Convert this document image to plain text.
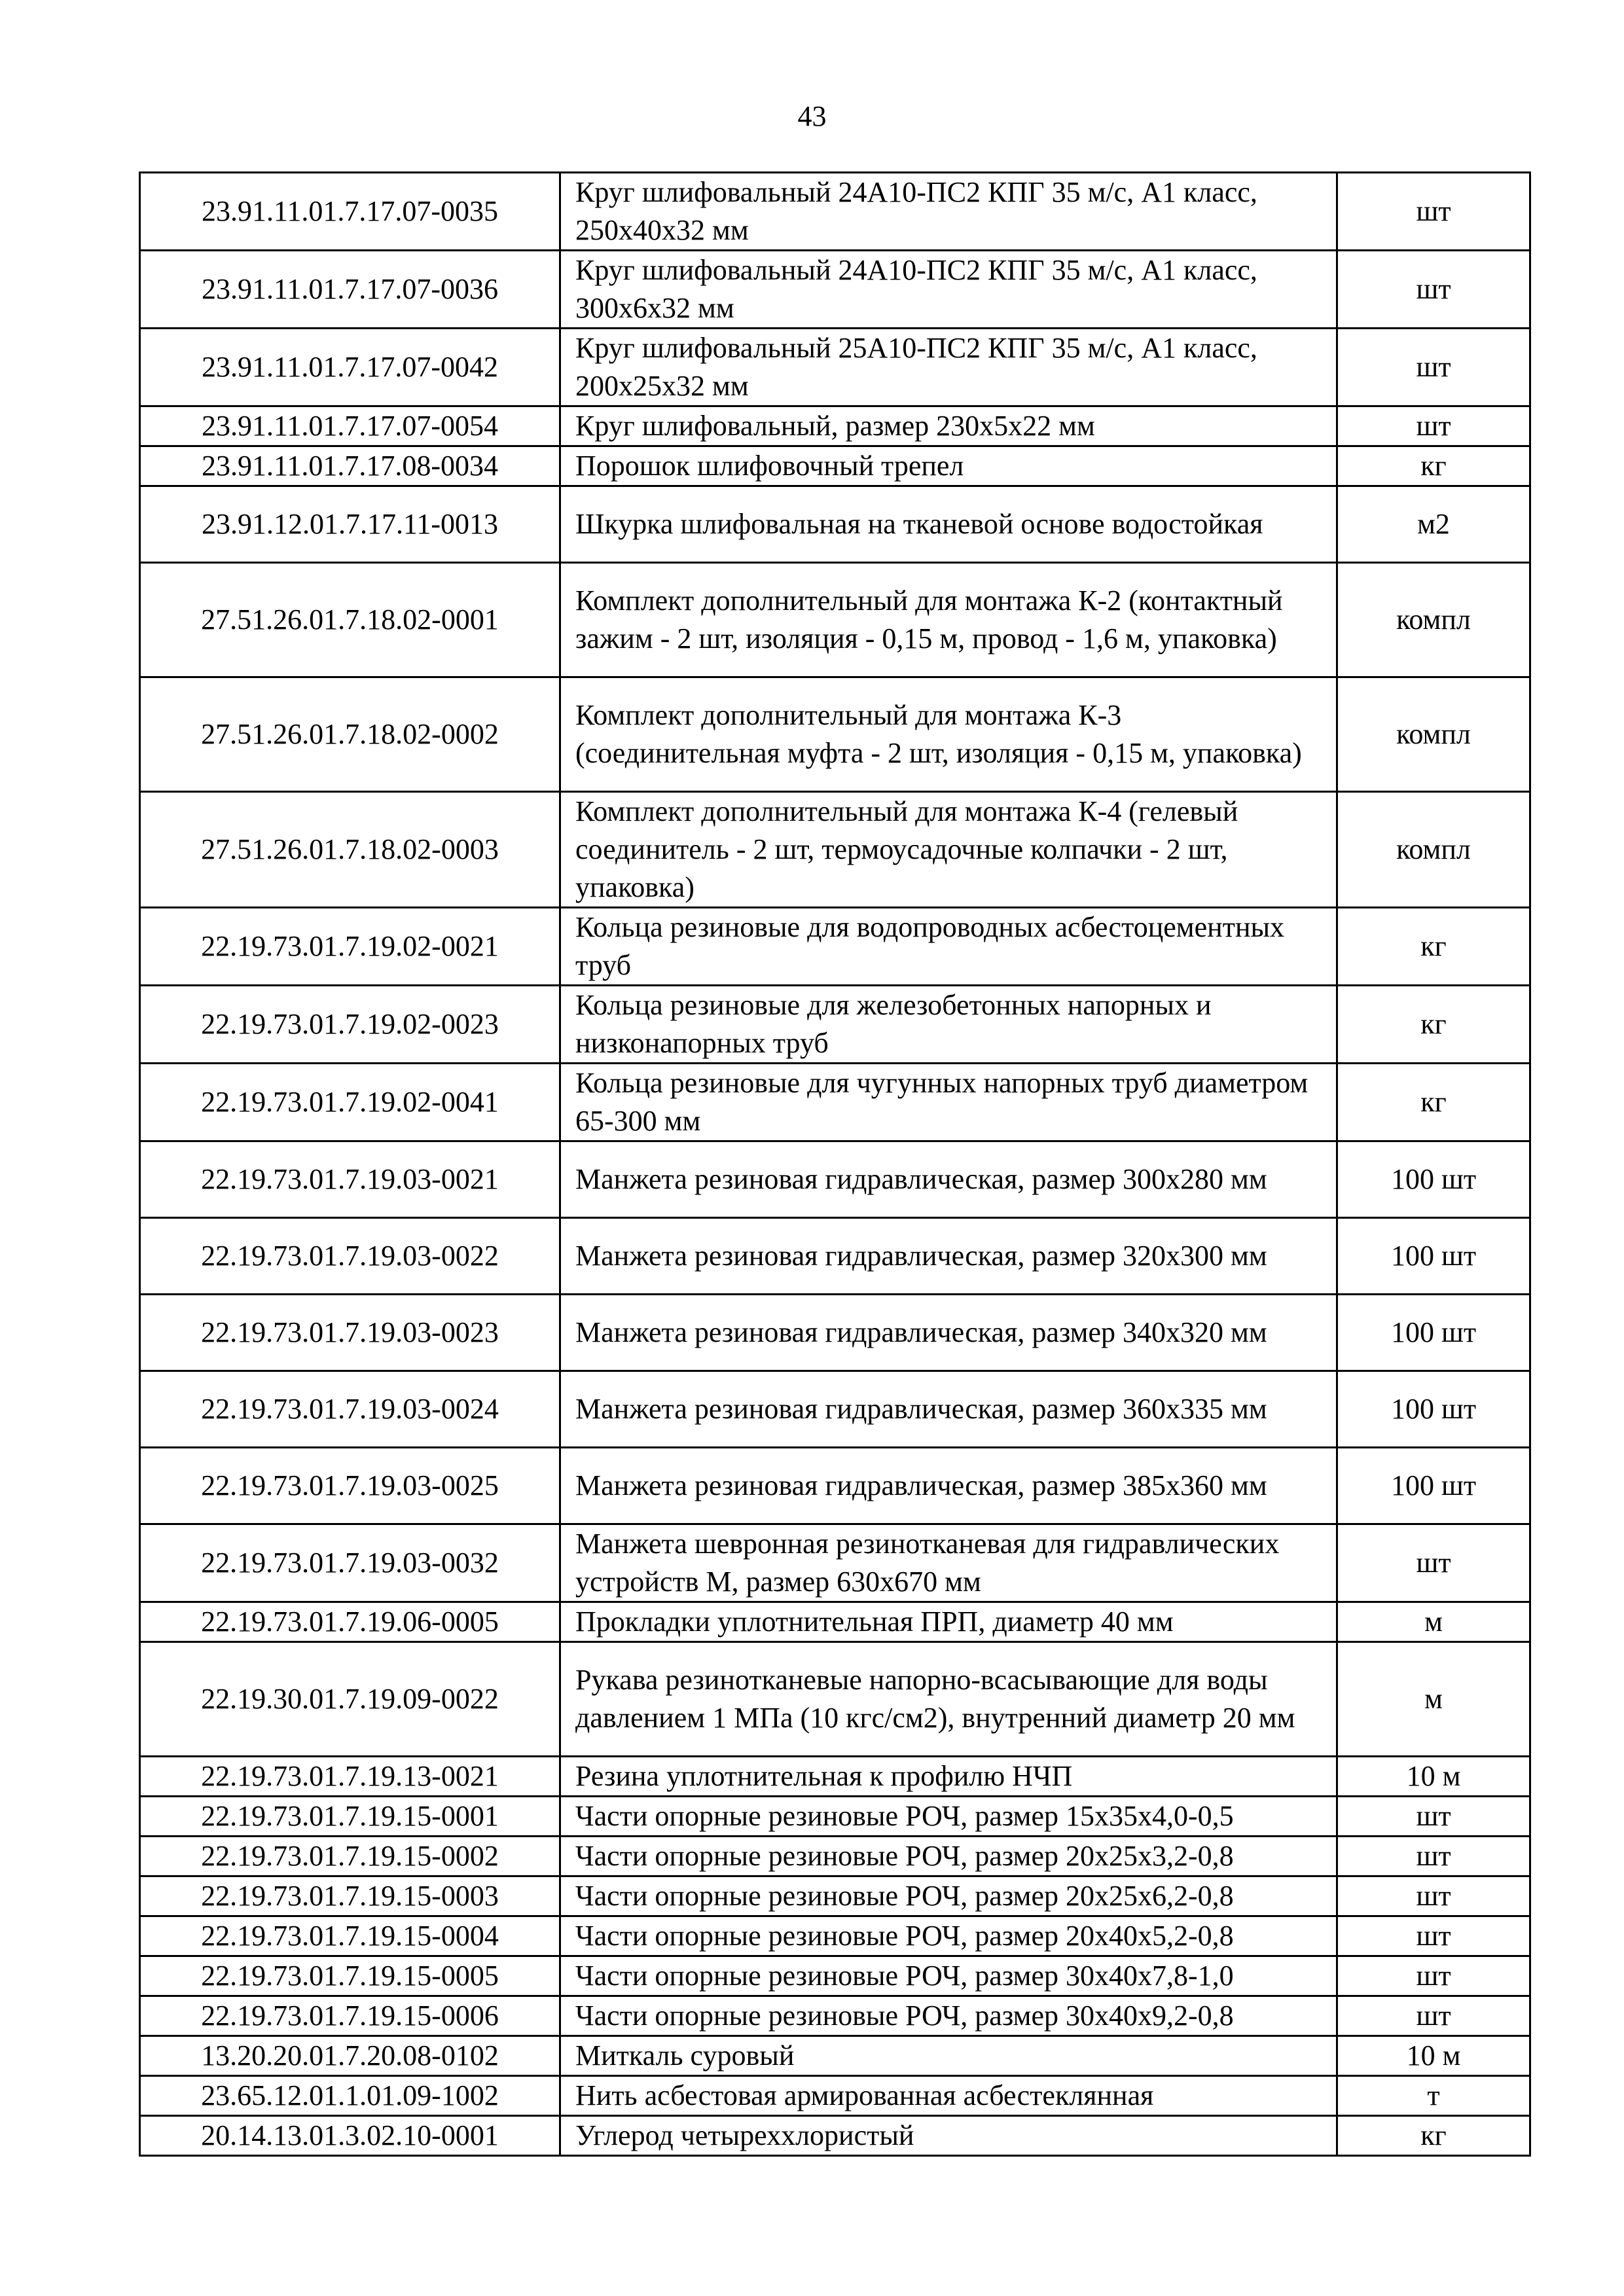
43
23.91.11.01.7.17.07-0035	Круг шлифовальный 24А10-ПС2 КПГ 35 м/с, А1 класс, 250х40х32 мм	шт
23.91.11.01.7.17.07-0036	Круг шлифовальный 24А10-ПС2 КПГ 35 м/с, А1 класс, 300х6х32 мм	шт
23.91.11.01.7.17.07-0042	Круг шлифовальный 25А10-ПС2 КПГ 35 м/с, А1 класс, 200х25х32 мм	шт
23.91.11.01.7.17.07-0054	Круг шлифовальный, размер 230х5х22 мм	шт
23.91.11.01.7.17.08-0034	Порошок шлифовочный трепел	кг
23.91.12.01.7.17.11-0013	Шкурка шлифовальная на тканевой основе водостойкая	м2
27.51.26.01.7.18.02-0001	Комплект дополнительный для монтажа К-2 (контактный зажим - 2 шт, изоляция - 0,15 м, провод - 1,6 м, упаковка)	компл
27.51.26.01.7.18.02-0002	Комплект дополнительный для монтажа К-3 (соединительная муфта - 2 шт, изоляция - 0,15 м, упаковка)	компл
27.51.26.01.7.18.02-0003	Комплект дополнительный для монтажа К-4 (гелевый соединитель - 2 шт, термоусадочные колпачки - 2 шт, упаковка)	компл
22.19.73.01.7.19.02-0021	Кольца резиновые для водопроводных асбестоцементных труб	кг
22.19.73.01.7.19.02-0023	Кольца резиновые для железобетонных напорных и низконапорных труб	кг
22.19.73.01.7.19.02-0041	Кольца резиновые для чугунных напорных труб диаметром 65-300 мм	кг
22.19.73.01.7.19.03-0021	Манжета резиновая гидравлическая, размер 300х280 мм	100 шт
22.19.73.01.7.19.03-0022	Манжета резиновая гидравлическая, размер 320х300 мм	100 шт
22.19.73.01.7.19.03-0023	Манжета резиновая гидравлическая, размер 340х320 мм	100 шт
22.19.73.01.7.19.03-0024	Манжета резиновая гидравлическая, размер 360х335 мм	100 шт
22.19.73.01.7.19.03-0025	Манжета резиновая гидравлическая, размер 385х360 мм	100 шт
22.19.73.01.7.19.03-0032	Манжета шевронная резинотканевая для гидравлических устройств М, размер 630х670 мм	шт
22.19.73.01.7.19.06-0005	Прокладки уплотнительная ПРП, диаметр 40 мм	м
22.19.30.01.7.19.09-0022	Рукава резинотканевые напорно-всасывающие для воды давлением 1 МПа (10 кгс/см2), внутренний диаметр 20 мм	м
22.19.73.01.7.19.13-0021	Резина уплотнительная к профилю НЧП	10 м
22.19.73.01.7.19.15-0001	Части опорные резиновые РОЧ, размер 15х35х4,0-0,5	шт
22.19.73.01.7.19.15-0002	Части опорные резиновые РОЧ, размер 20х25х3,2-0,8	шт
22.19.73.01.7.19.15-0003	Части опорные резиновые РОЧ, размер 20х25х6,2-0,8	шт
22.19.73.01.7.19.15-0004	Части опорные резиновые РОЧ, размер 20х40х5,2-0,8	шт
22.19.73.01.7.19.15-0005	Части опорные резиновые РОЧ, размер 30х40х7,8-1,0	шт
22.19.73.01.7.19.15-0006	Части опорные резиновые РОЧ, размер 30х40х9,2-0,8	шт
13.20.20.01.7.20.08-0102	Миткаль суровый	10 м
23.65.12.01.1.01.09-1002	Нить асбестовая армированная асбестеклянная	т
20.14.13.01.3.02.10-0001	Углерод четыреххлористый	кг
